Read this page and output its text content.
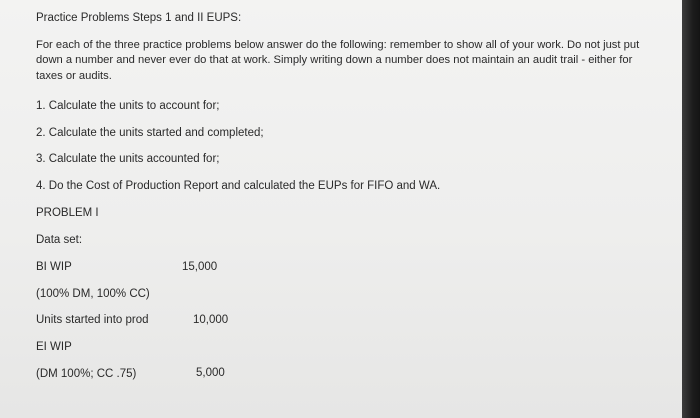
Practice Problems Steps 1 and II EUPS:
For each of the three practice problems below answer do the following: remember to show all of your work. Do not just put down a number and never ever do that at work. Simply writing down a number does not maintain an audit trail - either for taxes or audits.
1. Calculate the units to account for;
2. Calculate the units started and completed;
3. Calculate the units accounted for;
4. Do the Cost of Production Report and calculated the EUPs for FIFO and WA.
PROBLEM I
Data set:
BI WIP	15,000
(100% DM, 100% CC)
Units started into prod	10,000
EI WIP
(DM 100%; CC .75)	5,000
